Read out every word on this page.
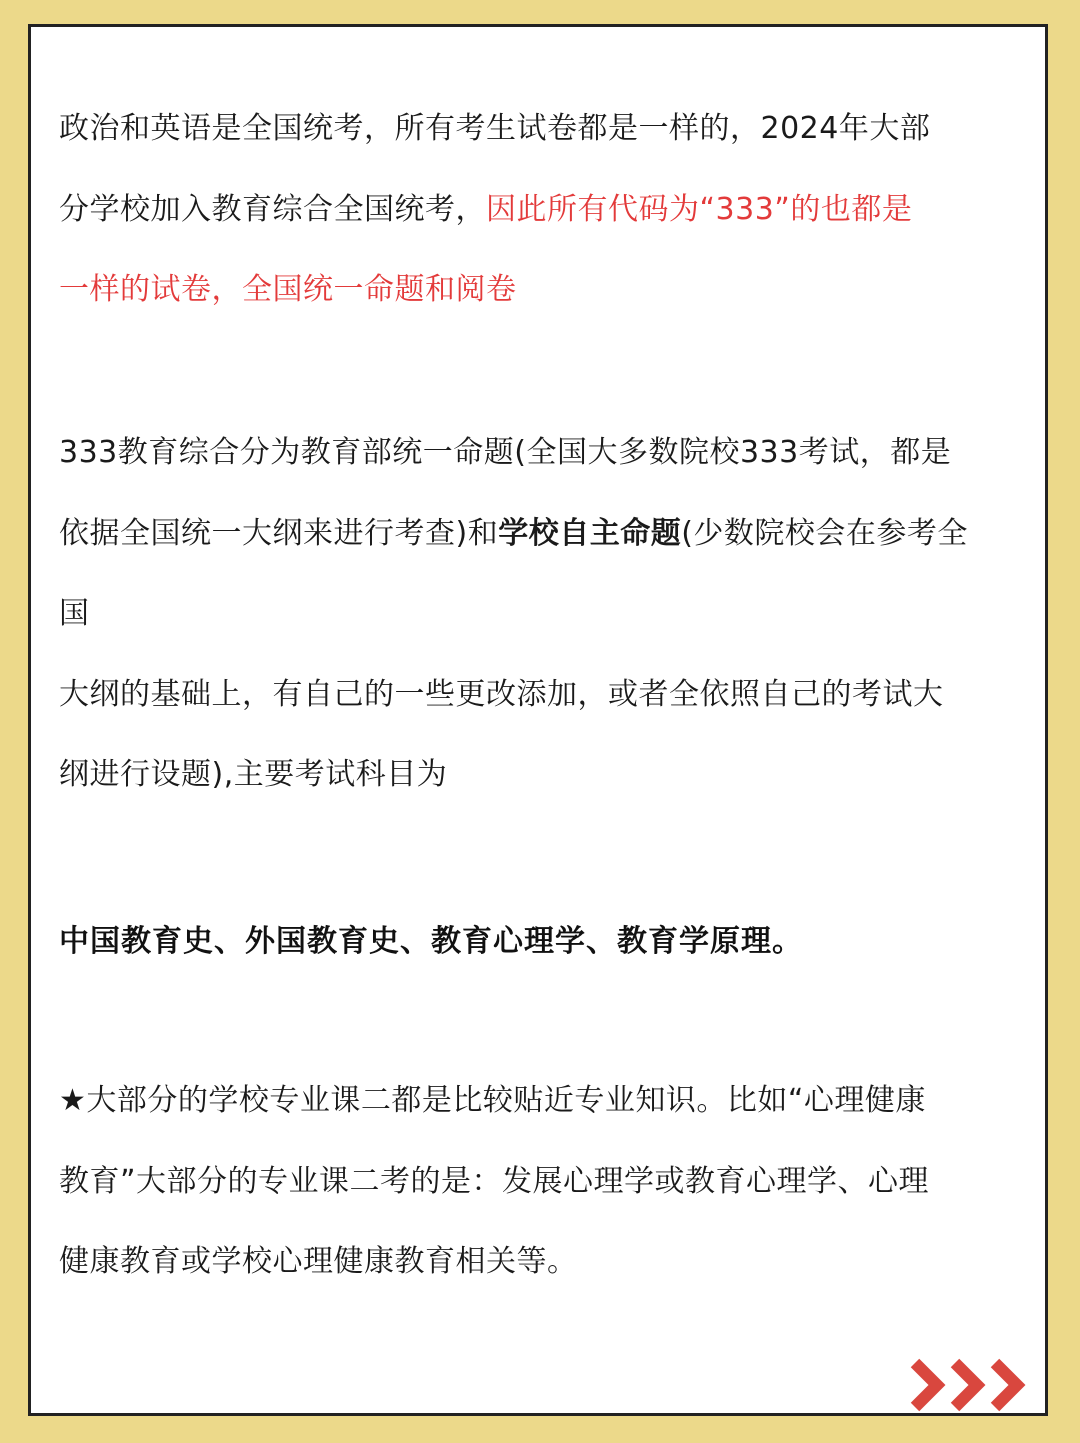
政治和英语是全国统考，所有考生试卷都是一样的，2024年大部
分学校加入教育综合全国统考，因此所有代码为“333”的也都是
一样的试卷，全国统一命题和阅卷

333教育综合分为教育部统一命题(全国大多数院校333考试，都是
依据全国统一大纲来进行考查)和学校自主命题(少数院校会在参考全
国
大纲的基础上，有自己的一些更改添加，或者全依照自己的考试大
纲进行设题),主要考试科目为

中国教育史、外国教育史、教育心理学、教育学原理。

★大部分的学校专业课二都是比较贴近专业知识。比如“心理健康
教育”大部分的专业课二考的是：发展心理学或教育心理学、心理
健康教育或学校心理健康教育相关等。
